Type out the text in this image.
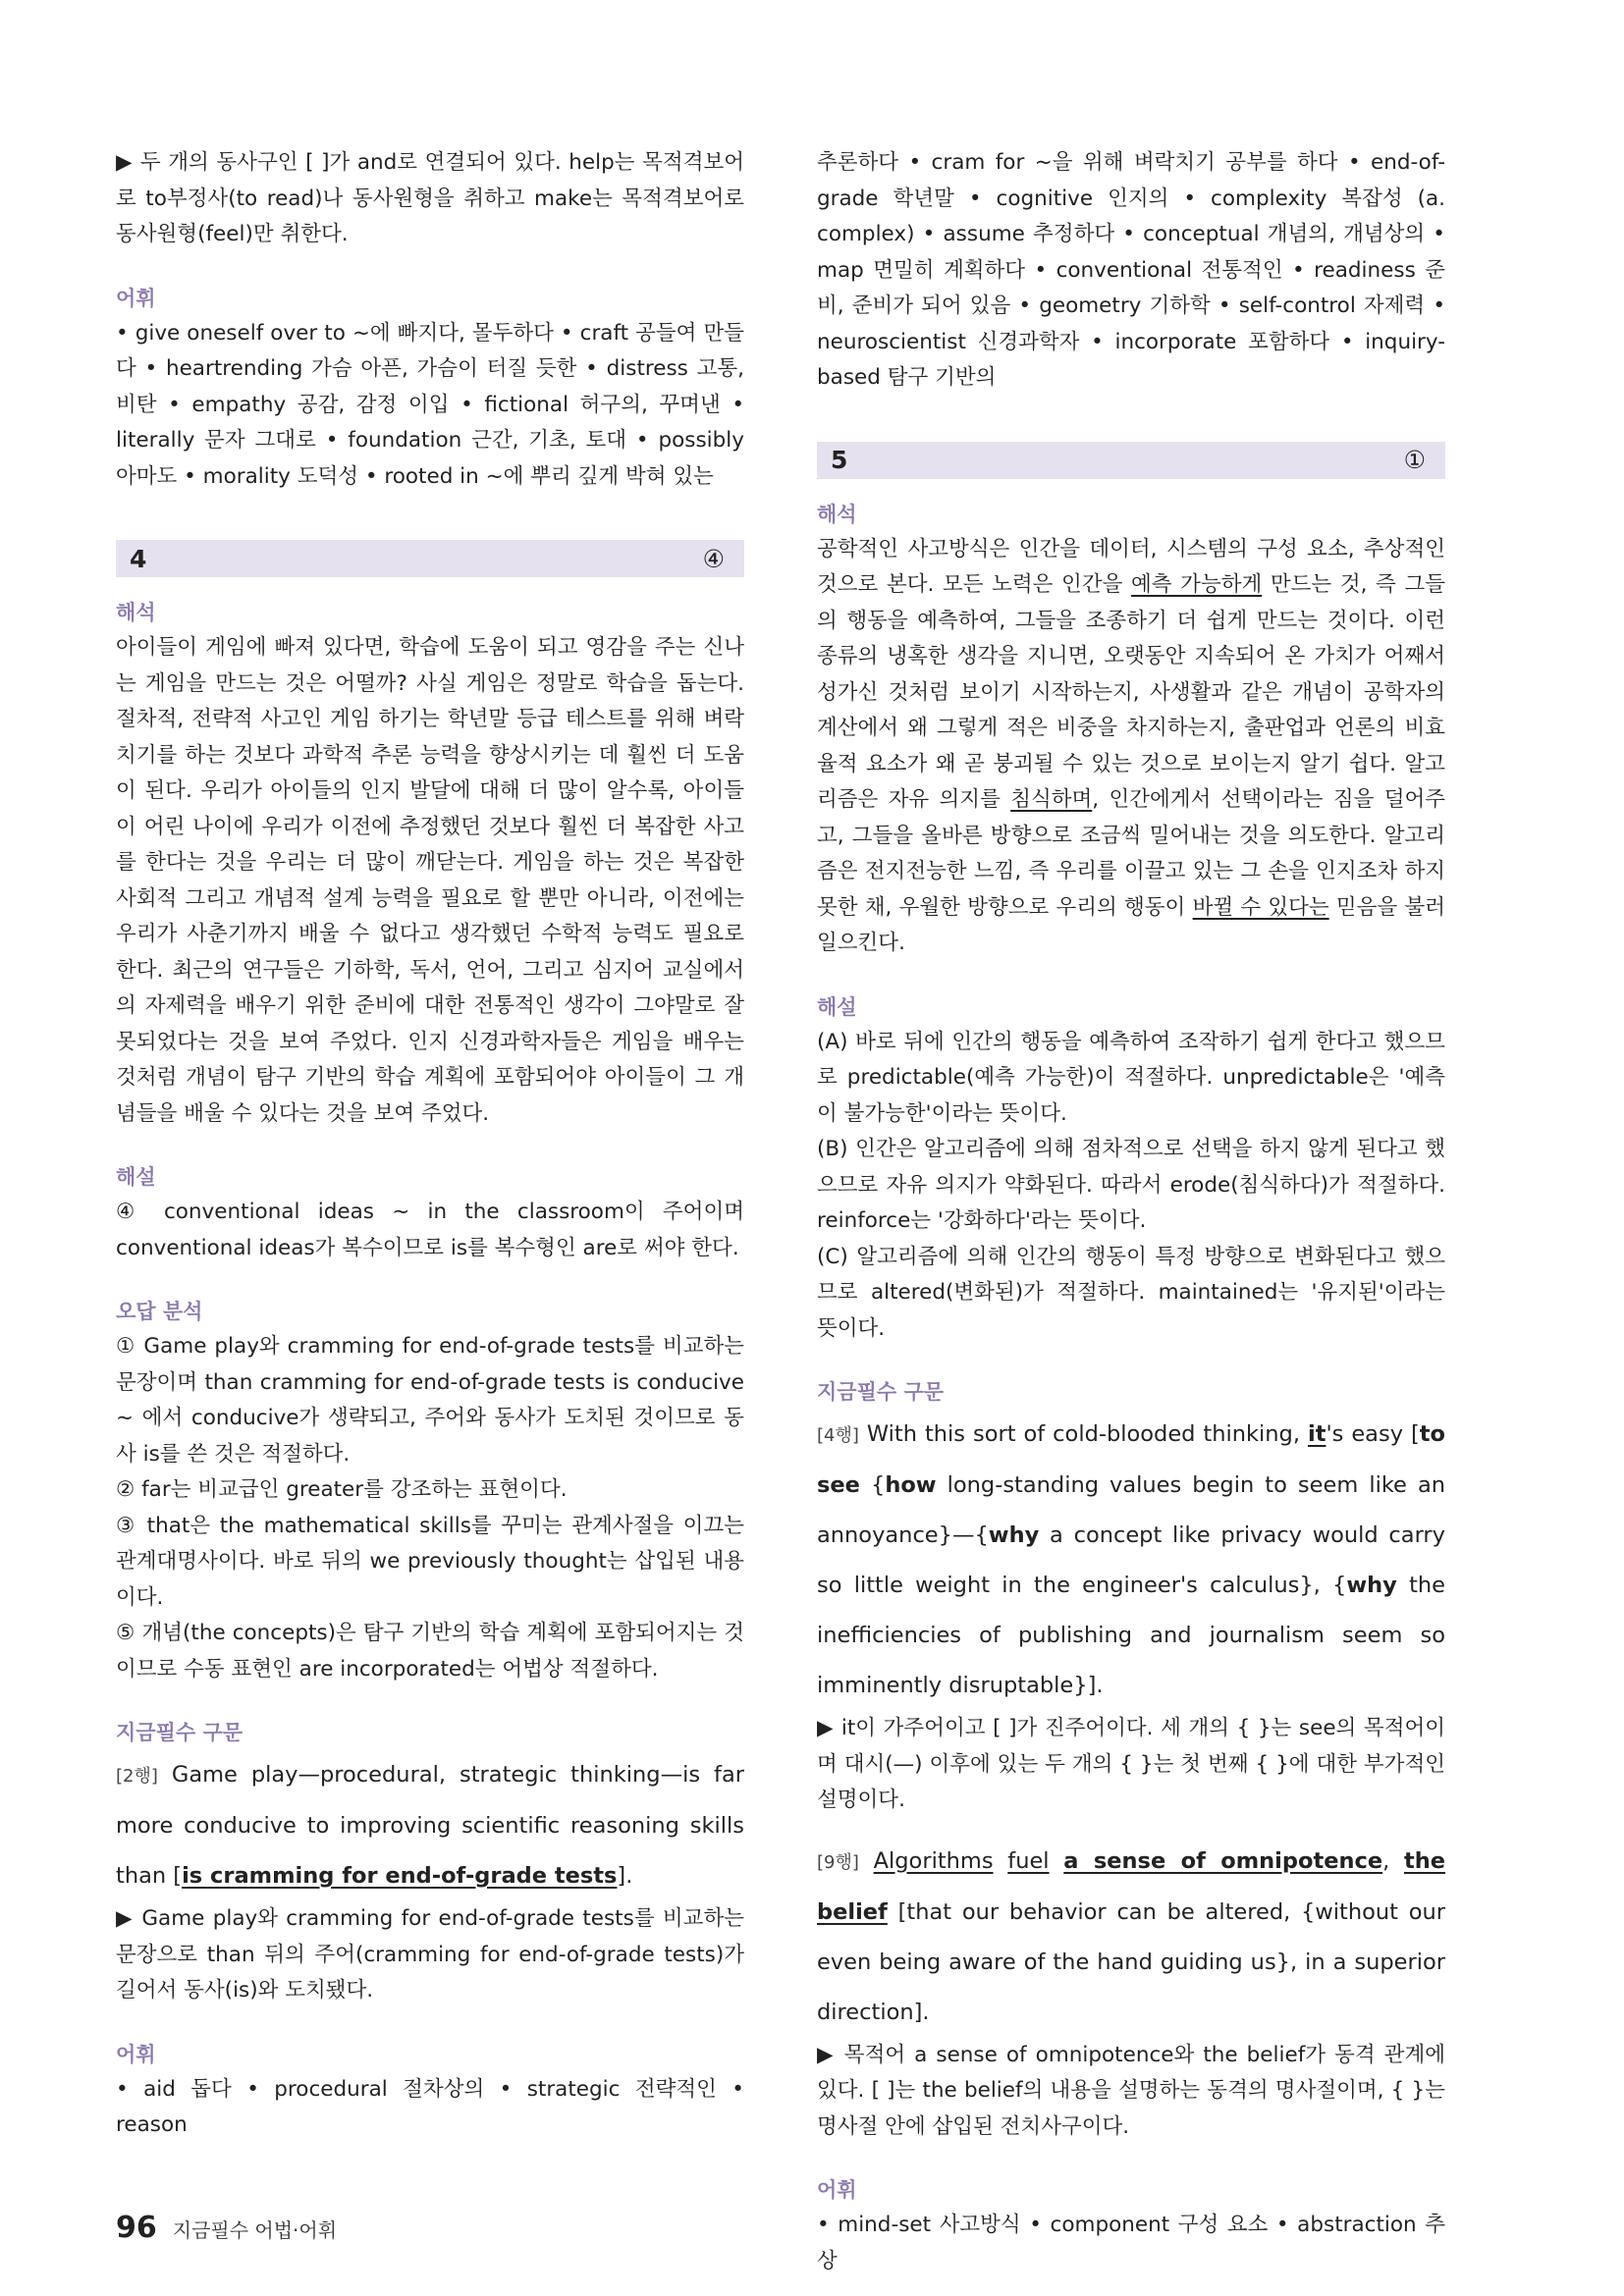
▶ 두 개의 동사구인 [ ]가 and로 연결되어 있다. help는 목적격보어로 to부정사(to read)나 동사원형을 취하고 make는 목적격보어로 동사원형(feel)만 취한다.

어휘

• give oneself over to ~에 빠지다, 몰두하다 • craft 공들여 만들다 • heartrending 가슴 아픈, 가슴이 터질 듯한 • distress 고통, 비탄 • empathy 공감, 감정 이입 • fictional 허구의, 꾸며낸 • literally 문자 그대로 • foundation 근간, 기초, 토대 • possibly 아마도 • morality 도덕성 • rooted in ~에 뿌리 깊게 박혀 있는

4	④
해석

아이들이 게임에 빠져 있다면, 학습에 도움이 되고 영감을 주는 신나는 게임을 만드는 것은 어떨까? 사실 게임은 정말로 학습을 돕는다. 절차적, 전략적 사고인 게임 하기는 학년말 등급 테스트를 위해 벼락치기를 하는 것보다 과학적 추론 능력을 향상시키는 데 훨씬 더 도움이 된다. 우리가 아이들의 인지 발달에 대해 더 많이 알수록, 아이들이 어린 나이에 우리가 이전에 추정했던 것보다 훨씬 더 복잡한 사고를 한다는 것을 우리는 더 많이 깨닫는다. 게임을 하는 것은 복잡한 사회적 그리고 개념적 설계 능력을 필요로 할 뿐만 아니라, 이전에는 우리가 사춘기까지 배울 수 없다고 생각했던 수학적 능력도 필요로 한다. 최근의 연구들은 기하학, 독서, 언어, 그리고 심지어 교실에서의 자제력을 배우기 위한 준비에 대한 전통적인 생각이 그야말로 잘못되었다는 것을 보여 주었다. 인지 신경과학자들은 게임을 배우는 것처럼 개념이 탐구 기반의 학습 계획에 포함되어야 아이들이 그 개념들을 배울 수 있다는 것을 보여 주었다.

해설

④ conventional ideas ~ in the classroom이 주어이며 conventional ideas가 복수이므로 is를 복수형인 are로 써야 한다.

오답 분석

① Game play와 cramming for end-of-grade tests를 비교하는 문장이며 than cramming for end-of-grade tests is conducive ~ 에서 conducive가 생략되고, 주어와 동사가 도치된 것이므로 동사 is를 쓴 것은 적절하다.

② far는 비교급인 greater를 강조하는 표현이다.

③ that은 the mathematical skills를 꾸미는 관계사절을 이끄는 관계대명사이다. 바로 뒤의 we previously thought는 삽입된 내용이다.

⑤ 개념(the concepts)은 탐구 기반의 학습 계획에 포함되어지는 것이므로 수동 표현인 are incorporated는 어법상 적절하다.

지금필수 구문

[2행] Game play—procedural, strategic thinking—is far more conducive to improving scientific reasoning skills than [is cramming for end-of-grade tests].

▶ Game play와 cramming for end-of-grade tests를 비교하는 문장으로 than 뒤의 주어(cramming for end-of-grade tests)가 길어서 동사(is)와 도치됐다.

어휘

• aid 돕다 • procedural 절차상의 • strategic 전략적인 • reason

추론하다 • cram for ~을 위해 벼락치기 공부를 하다 • end-of-grade 학년말 • cognitive 인지의 • complexity 복잡성 (a. complex) • assume 추정하다 • conceptual 개념의, 개념상의 • map 면밀히 계획하다 • conventional 전통적인 • readiness 준비, 준비가 되어 있음 • geometry 기하학 • self-control 자제력 • neuroscientist 신경과학자 • incorporate 포함하다 • inquiry-based 탐구 기반의

5	①
해석

공학적인 사고방식은 인간을 데이터, 시스템의 구성 요소, 추상적인 것으로 본다. 모든 노력은 인간을 예측 가능하게 만드는 것, 즉 그들의 행동을 예측하여, 그들을 조종하기 더 쉽게 만드는 것이다. 이런 종류의 냉혹한 생각을 지니면, 오랫동안 지속되어 온 가치가 어째서 성가신 것처럼 보이기 시작하는지, 사생활과 같은 개념이 공학자의 계산에서 왜 그렇게 적은 비중을 차지하는지, 출판업과 언론의 비효율적 요소가 왜 곧 붕괴될 수 있는 것으로 보이는지 알기 쉽다. 알고리즘은 자유 의지를 침식하며, 인간에게서 선택이라는 짐을 덜어주고, 그들을 올바른 방향으로 조금씩 밀어내는 것을 의도한다. 알고리즘은 전지전능한 느낌, 즉 우리를 이끌고 있는 그 손을 인지조차 하지 못한 채, 우월한 방향으로 우리의 행동이 바뀔 수 있다는 믿음을 불러일으킨다.

해설

(A) 바로 뒤에 인간의 행동을 예측하여 조작하기 쉽게 한다고 했으므로 predictable(예측 가능한)이 적절하다. unpredictable은 '예측이 불가능한'이라는 뜻이다.

(B) 인간은 알고리즘에 의해 점차적으로 선택을 하지 않게 된다고 했으므로 자유 의지가 약화된다. 따라서 erode(침식하다)가 적절하다. reinforce는 '강화하다'라는 뜻이다.

(C) 알고리즘에 의해 인간의 행동이 특정 방향으로 변화된다고 했으므로 altered(변화된)가 적절하다. maintained는 '유지된'이라는 뜻이다.

지금필수 구문

[4행] With this sort of cold-blooded thinking, it's easy [to see {how long-standing values begin to seem like an annoyance}—{why a concept like privacy would carry so little weight in the engineer's calculus}, {why the inefficiencies of publishing and journalism seem so imminently disruptable}].

▶ it이 가주어이고 [ ]가 진주어이다. 세 개의 { }는 see의 목적어이며 대시(—) 이후에 있는 두 개의 { }는 첫 번째 { }에 대한 부가적인 설명이다.

[9행] Algorithms fuel a sense of omnipotence, the belief [that our behavior can be altered, {without our even being aware of the hand guiding us}, in a superior direction].

▶ 목적어 a sense of omnipotence와 the belief가 동격 관계에 있다. [ ]는 the belief의 내용을 설명하는 동격의 명사절이며, { }는 명사절 안에 삽입된 전치사구이다.

어휘

• mind-set 사고방식 • component 구성 요소 • abstraction 추상

96 지금필수 어법·어휘
